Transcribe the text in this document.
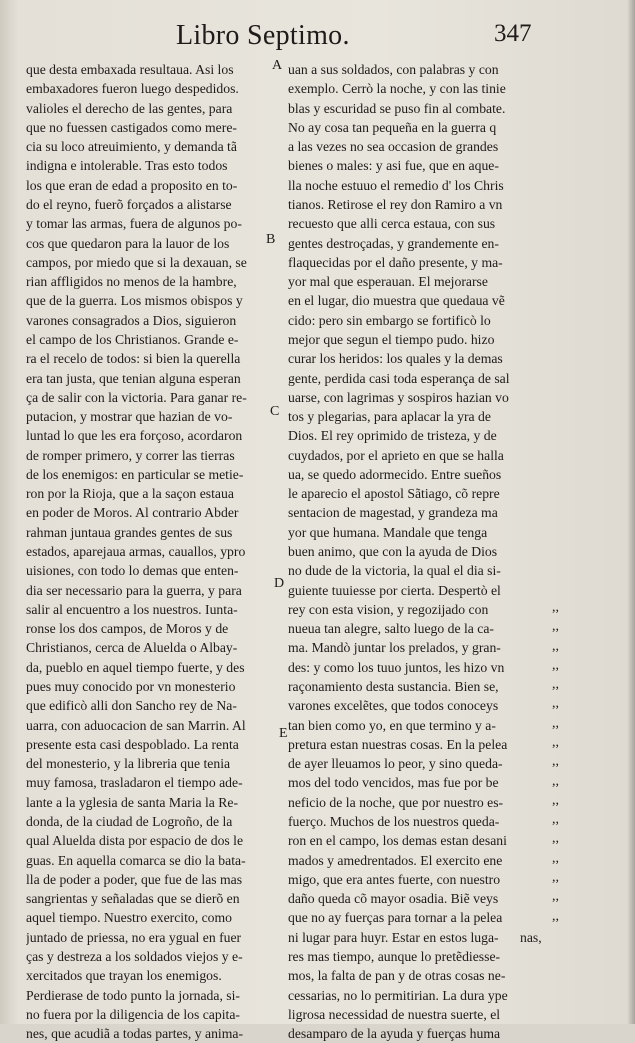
Libro Septimo.	347
que desta embaxada resultaua. Asi los
embaxadores fueron luego despedidos.
valioles el derecho de las gentes, para
que no fuessen castigados como mere-
cia su loco atreuimiento, y demanda tã
indigna e intolerable. Tras esto todos
los que eran de edad a proposito en to-
do el reyno, fuerõ forçados a alistarse
y tomar las armas, fuera de algunos po-
cos que quedaron para la lauor de los
campos, por miedo que si la dexauan, se
rian affligidos no menos de la hambre,
que de la guerra. Los mismos obispos y
varones consagrados a Dios, siguieron
el campo de los Christianos. Grande e-
ra el recelo de todos: si bien la querella
era tan justa, que tenian alguna esperan
ça de salir con la victoria. Para ganar re-
putacion, y mostrar que hazian de vo-
luntad lo que les era forçoso, acordaron
de romper primero, y correr las tierras
de los enemigos: en particular se metie-
ron por la Rioja, que a la saçon estaua
en poder de Moros. Al contrario Abder
rahman juntaua grandes gentes de sus
estados, aparejaua armas, cauallos, ypro
uisiones, con todo lo demas que enten-
dia ser necessario para la guerra, y para
salir al encuentro a los nuestros. Iunta-
ronse los dos campos, de Moros y de
Christianos, cerca de Aluelda o Albay-
da, pueblo en aquel tiempo fuerte, y des
pues muy conocido por vn monesterio
que edificò alli don Sancho rey de Na-
uarra, con aduocacion de san Marrin. Al
presente esta casi despoblado. La renta
del monesterio, y la libreria que tenia
muy famosa, trasladaron el tiempo ade-
lante a la yglesia de santa Maria la Re-
donda, de la ciudad de Logroño, de la
qual Aluelda dista por espacio de dos le
guas. En aquella comarca se dio la bata-
lla de poder a poder, que fue de las mas
sangrientas y señaladas que se dierõ en
aquel tiempo. Nuestro exercito, como
juntado de priessa, no era ygual en fuer
ças y destreza a los soldados viejos y e-
xercitados que trayan los enemigos.
Perdierase de todo punto la jornada, si-
no fuera por la diligencia de los capita-
nes, que acudiã a todas partes, y anima-
uan a sus soldados, con palabras y con
exemplo. Cerrò la noche, y con las tinie
blas y escuridad se puso fin al combate.
No ay cosa tan pequeña en la guerra q
a las vezes no sea occasion de grandes
bienes o males: y asi fue, que en aque-
lla noche estuuo el remedio d' los Chris
tianos. Retirose el rey don Ramiro a vn
recuesto que alli cerca estaua, con sus
gentes destroçadas, y grandemente en-
flaquecidas por el daño presente, y ma-
yor mal que esperauan. El mejorarse
en el lugar, dio muestra que quedaua vẽ
cido: pero sin embargo se fortificò lo
mejor que segun el tiempo pudo. hizo
curar los heridos: los quales y la demas
gente, perdida casi toda esperança de sal
uarse, con lagrimas y sospiros hazian vo
tos y plegarias, para aplacar la yra de
Dios. El rey oprimido de tristeza, y de
cuydados, por el aprieto en que se halla
ua, se quedo adormecido. Entre sueños
le aparecio el apostol Sãtiago, cõ repre
sentacion de magestad, y grandeza ma
yor que humana. Mandale que tenga
buen animo, que con la ayuda de Dios
no dude de la victoria, la qual el dia si-
guiente tuuiesse por cierta. Despertò el
rey con esta vision, y regozijado con
nueua tan alegre, salto luego de la ca-
ma. Mandò juntar los prelados, y gran-
des: y como los tuuo juntos, les hizo vn
raçonamiento desta sustancia. Bien se,
varones excelẽtes, que todos conoceys
tan bien como yo, en que termino y a-
pretura estan nuestras cosas. En la pelea
de ayer lleuamos lo peor, y sino queda-
mos del todo vencidos, mas fue por be
neficio de la noche, que por nuestro es-
fuerço. Muchos de los nuestros queda-
ron en el campo, los demas estan desani
mados y amedrentados. El exercito ene
migo, que era antes fuerte, con nuestro
daño queda cõ mayor osadia. Biẽ veys
que no ay fuerças para tornar a la pelea
ni lugar para huyr. Estar en estos luga-
res mas tiempo, aunque lo pretẽdiesse-
mos, la falta de pan y de otras cosas ne-
cessarias, no lo permitirian. La dura ype
ligrosa necessidad de nuestra suerte, el
desamparo de la ayuda y fuerças huma
A
B
C
D
E
,,
,,
,,
,,
,,
,,
,,
,,
,,
,,
,,
,,
,,
,,
,,
,,
,,
nas,
